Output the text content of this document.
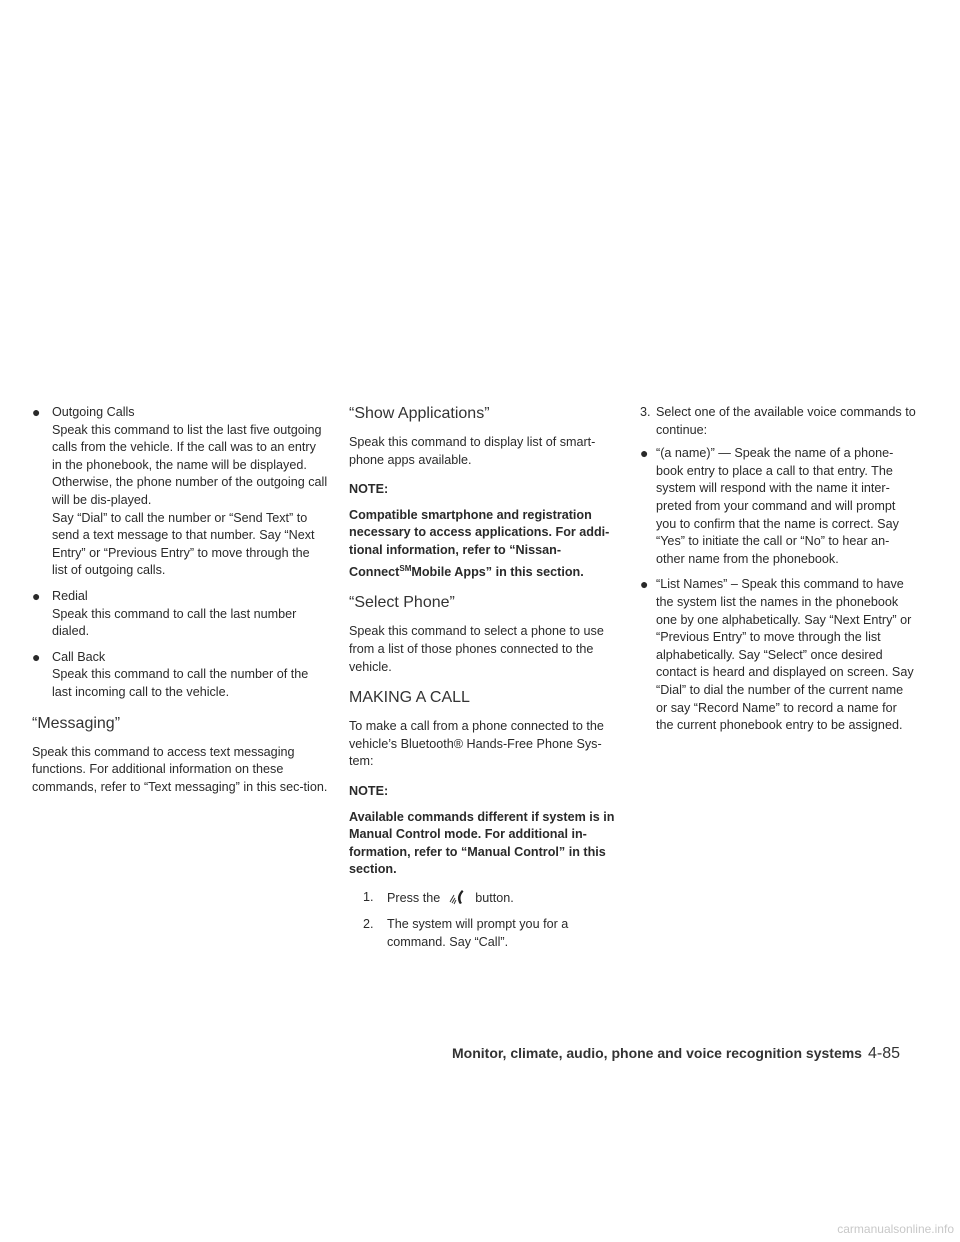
● Outgoing Calls
Speak this command to list the last five outgoing calls from the vehicle. If the call was to an entry in the phonebook, the name will be displayed. Otherwise, the phone number of the outgoing call will be dis-played.
Say “Dial” to call the number or “Send Text” to send a text message to that number. Say “Next Entry” or “Previous Entry” to move through the list of outgoing calls.
● Redial
Speak this command to call the last number dialed.
● Call Back
Speak this command to call the number of the last incoming call to the vehicle.
“Messaging”

Speak this command to access text messaging functions. For additional information on these commands, refer to “Text messaging” in this sec-tion.

“Show Applications”

Speak this command to display list of smart-phone apps available.

NOTE:
Compatible smartphone and registration necessary to access applications. For addi-tional information, refer to “Nissan-Connect℠Mobile Apps” in this section.
“Select Phone”

Speak this command to select a phone to use from a list of those phones connected to the vehicle.

MAKING A CALL

To make a call from a phone connected to the vehicle’s Bluetooth® Hands-Free Phone Sys-tem:

NOTE:
Available commands different if system is in Manual Control mode. For additional in-formation, refer to “Manual Control” in this section.
1. Press the	button.
2. The system will prompt you for a command. Say “Call”.
3. Select one of the available voice commands to continue:
● “(a name)” — Speak the name of a phone-book entry to place a call to that entry. The system will respond with the name it inter-preted from your command and will prompt you to confirm that the name is correct. Say “Yes” to initiate the call or “No” to hear an-other name from the phonebook.
● “List Names” – Speak this command to have the system list the names in the phonebook one by one alphabetically. Say “Next Entry” or “Previous Entry” to move through the list alphabetically. Say “Select” once desired contact is heard and displayed on screen. Say “Dial” to dial the number of the current name or say “Record Name” to record a name for the current phonebook entry to be assigned.
Monitor, climate, audio, phone and voice recognition systems 4-85
carmanualsonline.info
